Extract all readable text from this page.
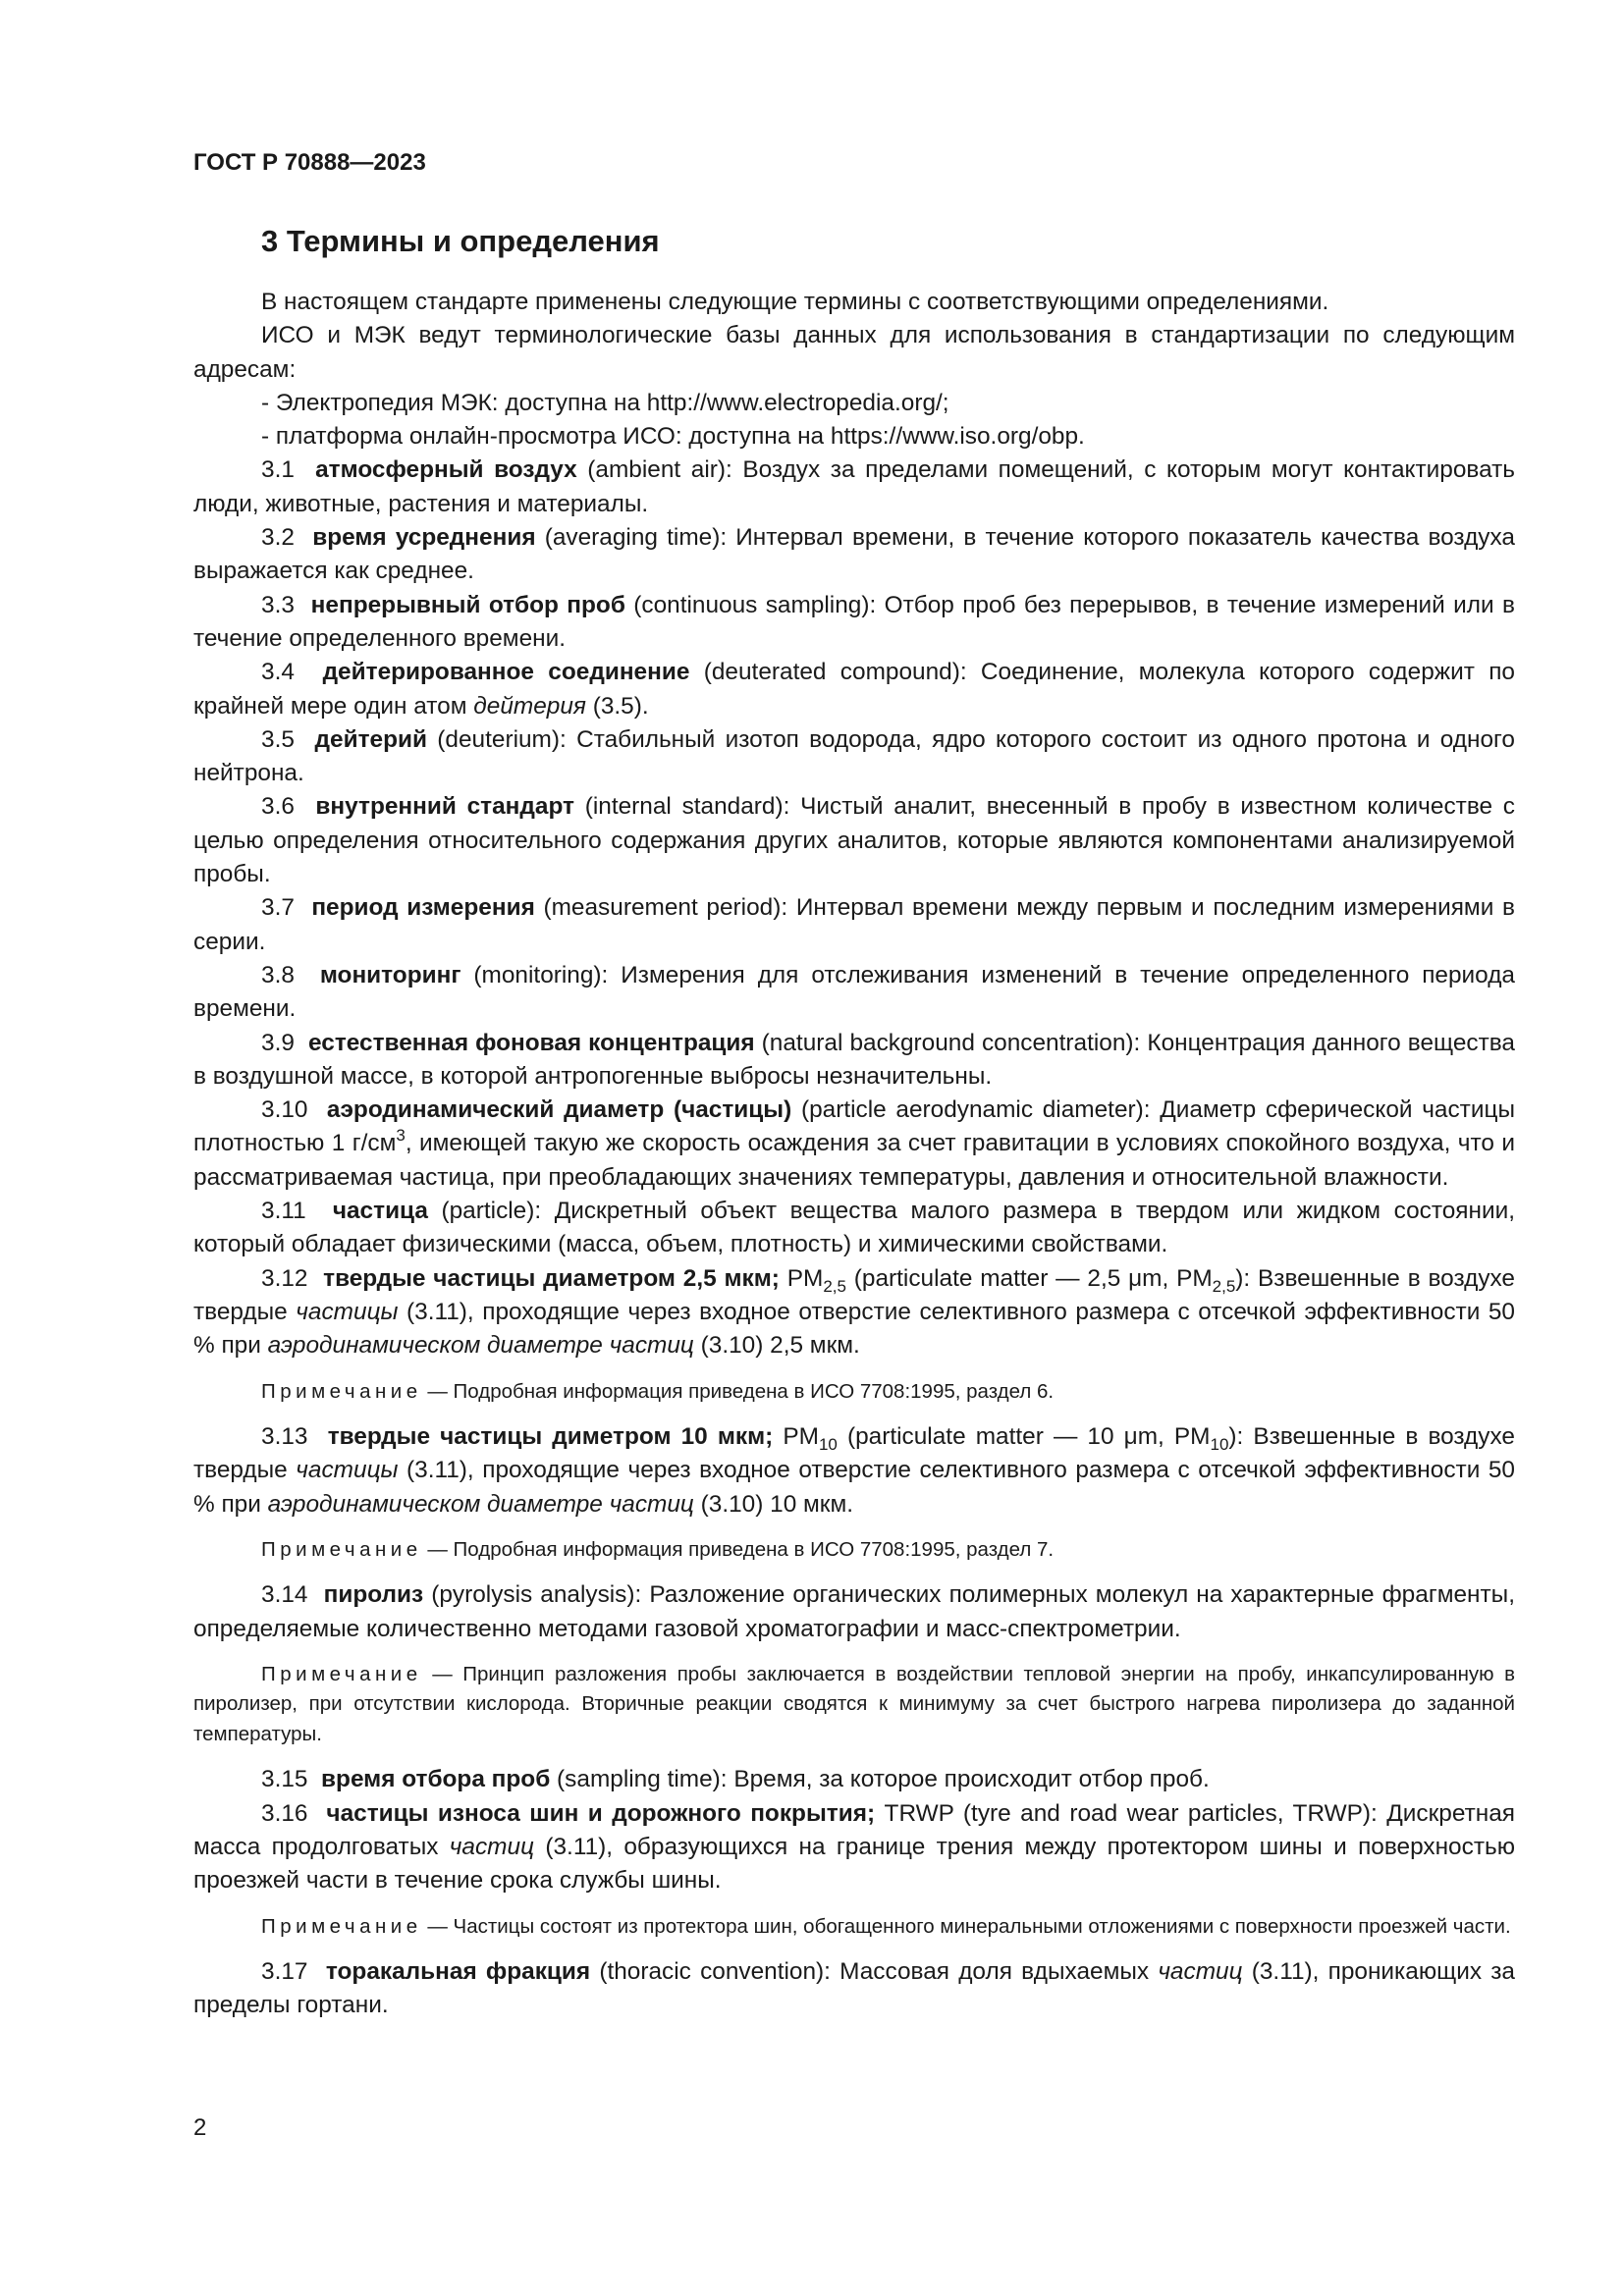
ГОСТ Р 70888—2023

3 Термины и определения

В настоящем стандарте применены следующие термины с соответствующими определениями.

ИСО и МЭК ведут терминологические базы данных для использования в стандартизации по следующим адресам:

- Электропедия МЭК: доступна на http://www.electropedia.org/;

- платформа онлайн-просмотра ИСО: доступна на https://www.iso.org/obp.

3.1 атмосферный воздух (ambient air): Воздух за пределами помещений, с которым могут контактировать люди, животные, растения и материалы.

3.2 время усреднения (averaging time): Интервал времени, в течение которого показатель качества воздуха выражается как среднее.

3.3 непрерывный отбор проб (continuous sampling): Отбор проб без перерывов, в течение измерений или в течение определенного времени.

3.4 дейтерированное соединение (deuterated compound): Соединение, молекула которого содержит по крайней мере один атом дейтерия (3.5).

3.5 дейтерий (deuterium): Стабильный изотоп водорода, ядро которого состоит из одного протона и одного нейтрона.

3.6 внутренний стандарт (internal standard): Чистый аналит, внесенный в пробу в известном количестве с целью определения относительного содержания других аналитов, которые являются компонентами анализируемой пробы.

3.7 период измерения (measurement period): Интервал времени между первым и последним измерениями в серии.

3.8 мониторинг (monitoring): Измерения для отслеживания изменений в течение определенного периода времени.

3.9 естественная фоновая концентрация (natural background concentration): Концентрация данного вещества в воздушной массе, в которой антропогенные выбросы незначительны.

3.10 аэродинамический диаметр (частицы) (particle aerodynamic diameter): Диаметр сферической частицы плотностью 1 $г/см^3$, имеющей такую же скорость осаждения за счет гравитации в условиях спокойного воздуха, что и рассматриваемая частица, при преобладающих значениях температуры, давления и относительной влажности.

3.11 частица (particle): Дискретный объект вещества малого размера в твердом или жидком состоянии, который обладает физическими (масса, объем, плотность) и химическими свойствами.

3.12 твердые частицы диаметром 2,5 мкм; $PM_{2,5}$ (particulate matter — 2,5 μm, $PM_{2,5}$): Взвешенные в воздухе твердые частицы (3.11), проходящие через входное отверстие селективного размера с отсечкой эффективности 50 % при аэродинамическом диаметре частиц (3.10) 2,5 мкм.

Примечание — Подробная информация приведена в ИСО 7708:1995, раздел 6.

3.13 твердые частицы диметром 10 мкм; $PM_{10}$ (particulate matter — 10 μm, $PM_{10}$): Взвешенные в воздухе твердые частицы (3.11), проходящие через входное отверстие селективного размера с отсечкой эффективности 50 % при аэродинамическом диаметре частиц (3.10) 10 мкм.

Примечание — Подробная информация приведена в ИСО 7708:1995, раздел 7.

3.14 пиролиз (pyrolysis analysis): Разложение органических полимерных молекул на характерные фрагменты, определяемые количественно методами газовой хроматографии и масс-спектрометрии.

Примечание — Принцип разложения пробы заключается в воздействии тепловой энергии на пробу, инкапсулированную в пиролизер, при отсутствии кислорода. Вторичные реакции сводятся к минимуму за счет быстрого нагрева пиролизера до заданной температуры.

3.15 время отбора проб (sampling time): Время, за которое происходит отбор проб.

3.16 частицы износа шин и дорожного покрытия; TRWP (tyre and road wear particles, TRWP): Дискретная масса продолговатых частиц (3.11), образующихся на границе трения между протектором шины и поверхностью проезжей части в течение срока службы шины.

Примечание — Частицы состоят из протектора шин, обогащенного минеральными отложениями с поверхности проезжей части.

3.17 торакальная фракция (thoracic convention): Массовая доля вдыхаемых частиц (3.11), проникающих за пределы гортани.

2
